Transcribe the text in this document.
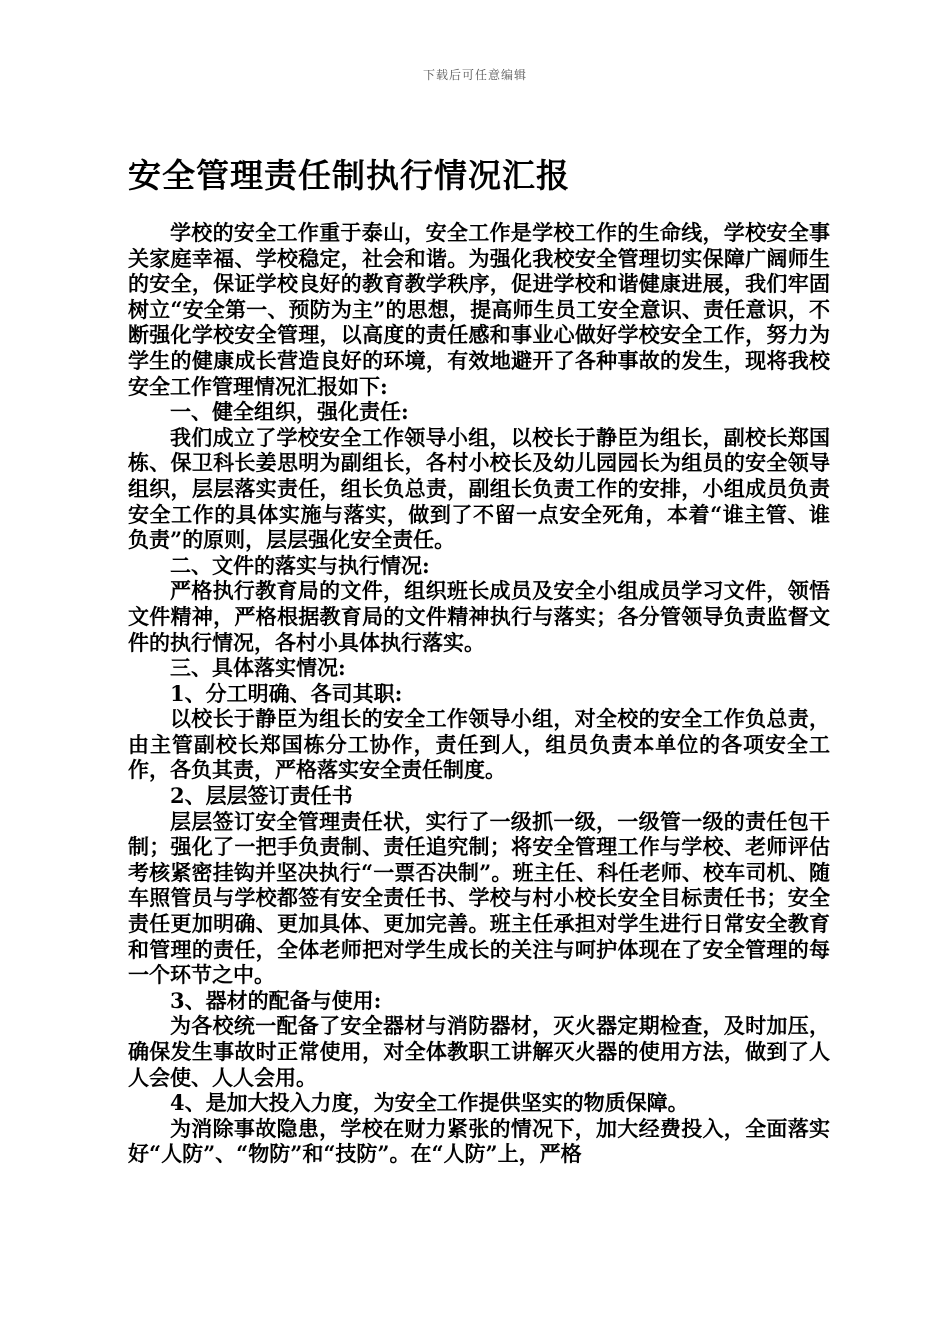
下载后可任意编辑
安全管理责任制执行情况汇报

学校的安全工作重于泰山，安全工作是学校工作的生命线，学校安全事关家庭幸福、学校稳定，社会和谐。为强化我校安全管理切实保障广阔师生的安全，保证学校良好的教育教学秩序，促进学校和谐健康进展，我们牢固树立“安全第一、预防为主”的思想，提高师生员工安全意识、责任意识，不断强化学校安全管理，以高度的责任感和事业心做好学校安全工作，努力为学生的健康成长营造良好的环境，有效地避开了各种事故的发生，现将我校安全工作管理情况汇报如下:

一、健全组织，强化责任:

我们成立了学校安全工作领导小组，以校长于静臣为组长，副校长郑国栋、保卫科长姜思明为副组长，各村小校长及幼儿园园长为组员的安全领导组织，层层落实责任，组长负总责，副组长负责工作的安排，小组成员负责安全工作的具体实施与落实，做到了不留一点安全死角，本着“谁主管、谁负责”的原则，层层强化安全责任。

二、文件的落实与执行情况:

严格执行教育局的文件，组织班长成员及安全小组成员学习文件，领悟文件精神，严格根据教育局的文件精神执行与落实；各分管领导负责监督文件的执行情况，各村小具体执行落实。

三、具体落实情况:

1、分工明确、各司其职:

以校长于静臣为组长的安全工作领导小组，对全校的安全工作负总责，由主管副校长郑国栋分工协作，责任到人，组员负责本单位的各项安全工作，各负其责，严格落实安全责任制度。

2、层层签订责任书

层层签订安全管理责任状，实行了一级抓一级，一级管一级的责任包干制；强化了一把手负责制、责任追究制；将安全管理工作与学校、老师评估考核紧密挂钩并坚决执行“一票否决制”。班主任、科任老师、校车司机、随车照管员与学校都签有安全责任书、学校与村小校长安全目标责任书；安全责任更加明确、更加具体、更加完善。班主任承担对学生进行日常安全教育和管理的责任，全体老师把对学生成长的关注与呵护体现在了安全管理的每一个环节之中。

3、器材的配备与使用:

为各校统一配备了安全器材与消防器材，灭火器定期检查，及时加压，确保发生事故时正常使用，对全体教职工讲解灭火器的使用方法，做到了人人会使、人人会用。

4、是加大投入力度，为安全工作提供坚实的物质保障。

为消除事故隐患，学校在财力紧张的情况下，加大经费投入，全面落实好“人防”、“物防”和“技防”。在“人防”上，严格
